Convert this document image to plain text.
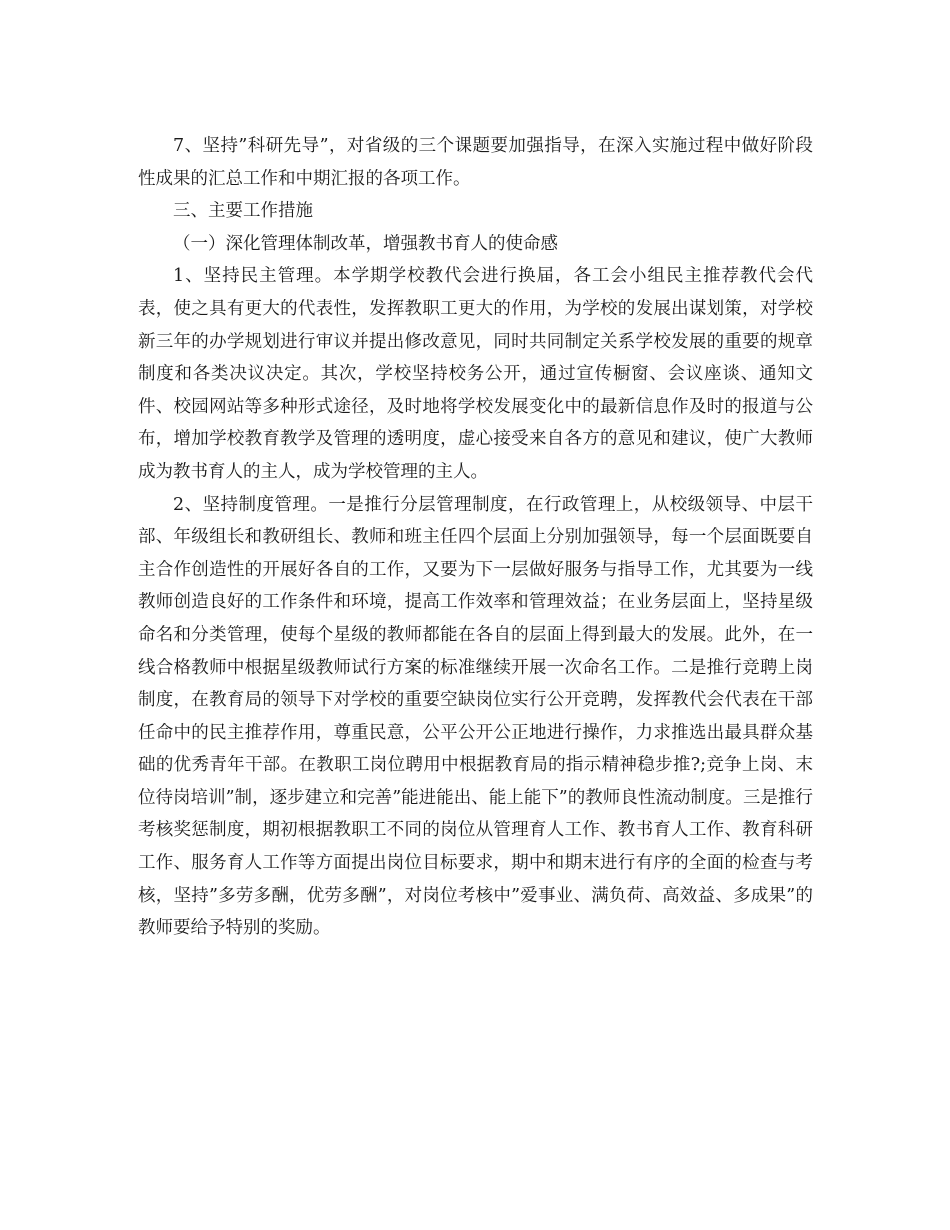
7、坚持”科研先导”，对省级的三个课题要加强指导，在深入实施过程中做好阶段性成果的汇总工作和中期汇报的各项工作。

三、主要工作措施

（一）深化管理体制改革，增强教书育人的使命感

1、坚持民主管理。本学期学校教代会进行换届，各工会小组民主推荐教代会代表，使之具有更大的代表性，发挥教职工更大的作用，为学校的发展出谋划策，对学校新三年的办学规划进行审议并提出修改意见，同时共同制定关系学校发展的重要的规章制度和各类决议决定。其次，学校坚持校务公开，通过宣传橱窗、会议座谈、通知文件、校园网站等多种形式途径，及时地将学校发展变化中的最新信息作及时的报道与公布，增加学校教育教学及管理的透明度，虚心接受来自各方的意见和建议，使广大教师成为教书育人的主人，成为学校管理的主人。

2、坚持制度管理。一是推行分层管理制度，在行政管理上，从校级领导、中层干部、年级组长和教研组长、教师和班主任四个层面上分别加强领导，每一个层面既要自主合作创造性的开展好各自的工作，又要为下一层做好服务与指导工作，尤其要为一线教师创造良好的工作条件和环境，提高工作效率和管理效益；在业务层面上，坚持星级命名和分类管理，使每个星级的教师都能在各自的层面上得到最大的发展。此外，在一线合格教师中根据星级教师试行方案的标准继续开展一次命名工作。二是推行竞聘上岗制度，在教育局的领导下对学校的重要空缺岗位实行公开竞聘，发挥教代会代表在干部任命中的民主推荐作用，尊重民意，公平公开公正地进行操作，力求推选出最具群众基础的优秀青年干部。在教职工岗位聘用中根据教育局的指示精神稳步推?;竞争上岗、末位待岗培训”制，逐步建立和完善”能进能出、能上能下”的教师良性流动制度。三是推行考核奖惩制度，期初根据教职工不同的岗位从管理育人工作、教书育人工作、教育科研工作、服务育人工作等方面提出岗位目标要求，期中和期末进行有序的全面的检查与考核，坚持”多劳多酬，优劳多酬”，对岗位考核中”爱事业、满负荷、高效益、多成果”的教师要给予特别的奖励。
